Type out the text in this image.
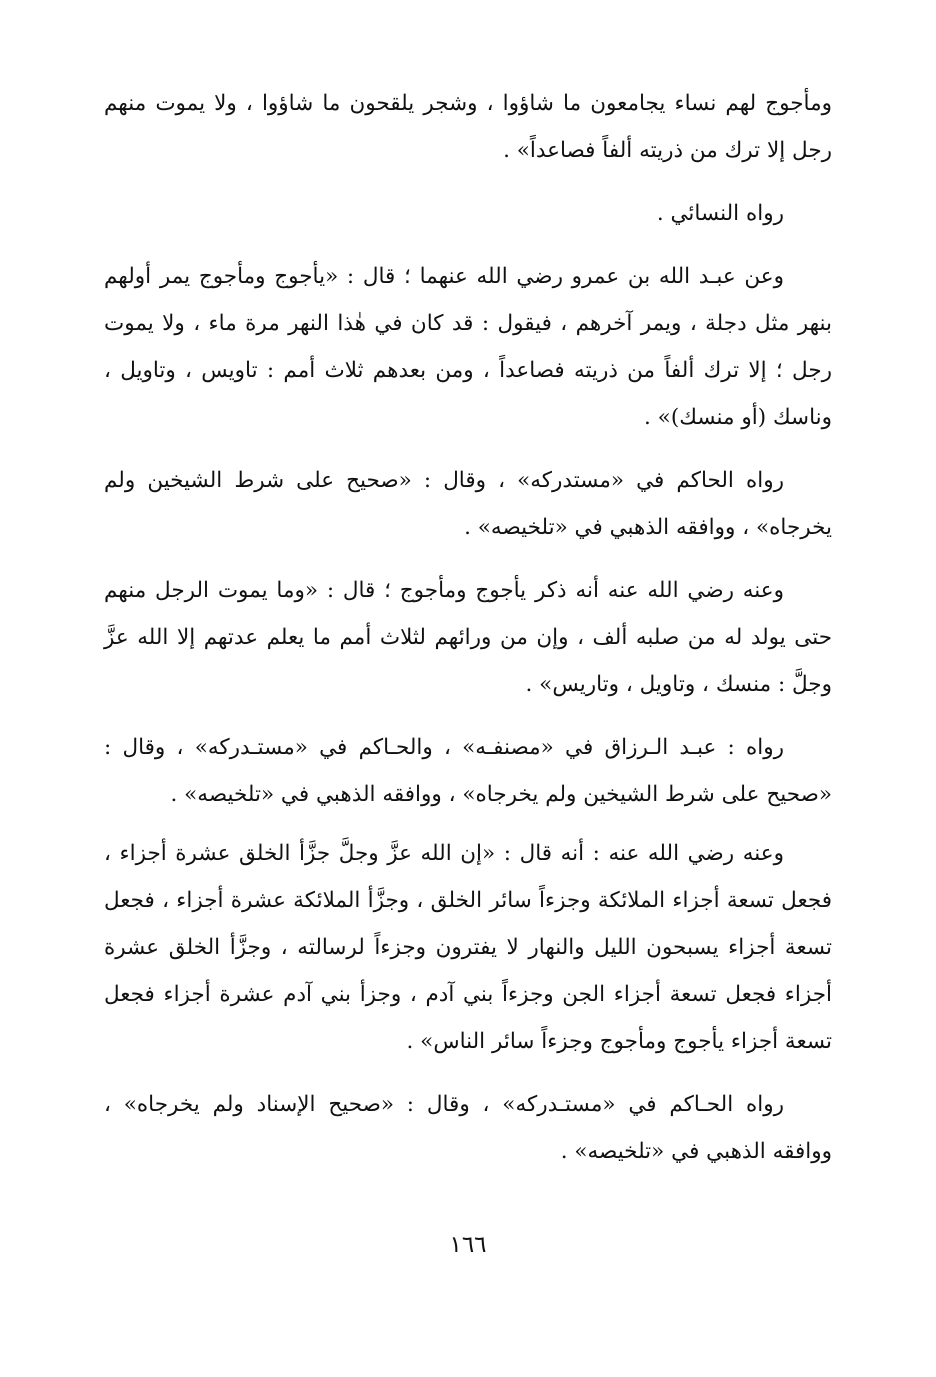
ومأجوج لهم نساء يجامعون ما شاؤوا ، وشجر يلقحون ما شاؤوا ، ولا يموت منهم رجل إلا ترك من ذريته ألفاً فصاعداً» .

رواه النسائي .

وعن عبـد الله بن عمرو رضي الله عنهما ؛ قال : «يأجوج ومأجوج يمر أولهم بنهر مثل دجلة ، ويمر آخرهم ، فيقول : قد كان في هٰذا النهر مرة ماء ، ولا يموت رجل ؛ إلا ترك ألفاً من ذريته فصاعداً ، ومن بعدهم ثلاث أمم : تاويس ، وتاويل ، وناسك (أو منسك)» .

رواه الحاكم في «مستدركه» ، وقال : «صحيح على شرط الشيخين ولم يخرجاه» ، ووافقه الذهبي في «تلخيصه» .

وعنه رضي الله عنه أنه ذكر يأجوج ومأجوج ؛ قال : «وما يموت الرجل منهم حتى يولد له من صلبه ألف ، وإن من ورائهم لثلاث أمم ما يعلم عدتهم إلا الله عزَّ وجلَّ : منسك ، وتاويل ، وتاريس» .

رواه : عبـد الـرزاق في «مصنفـه» ، والحـاكم في «مستـدركه» ، وقال : «صحيح على شرط الشيخين ولم يخرجاه» ، ووافقه الذهبي في «تلخيصه» .

وعنه رضي الله عنه : أنه قال : «إن الله عزَّ وجلَّ جزَّأ الخلق عشرة أجزاء ، فجعل تسعة أجزاء الملائكة وجزءاً سائر الخلق ، وجزَّأ الملائكة عشرة أجزاء ، فجعل تسعة أجزاء يسبحون الليل والنهار لا يفترون وجزءاً لرسالته ، وجزَّأ الخلق عشرة أجزاء فجعل تسعة أجزاء الجن وجزءاً بني آدم ، وجزأ بني آدم عشرة أجزاء فجعل تسعة أجزاء يأجوج ومأجوج وجزءاً سائر الناس» .

رواه الحـاكم في «مستـدركه» ، وقال : «صحيح الإسناد ولم يخرجاه» ، ووافقه الذهبي في «تلخيصه» .

١٦٦
